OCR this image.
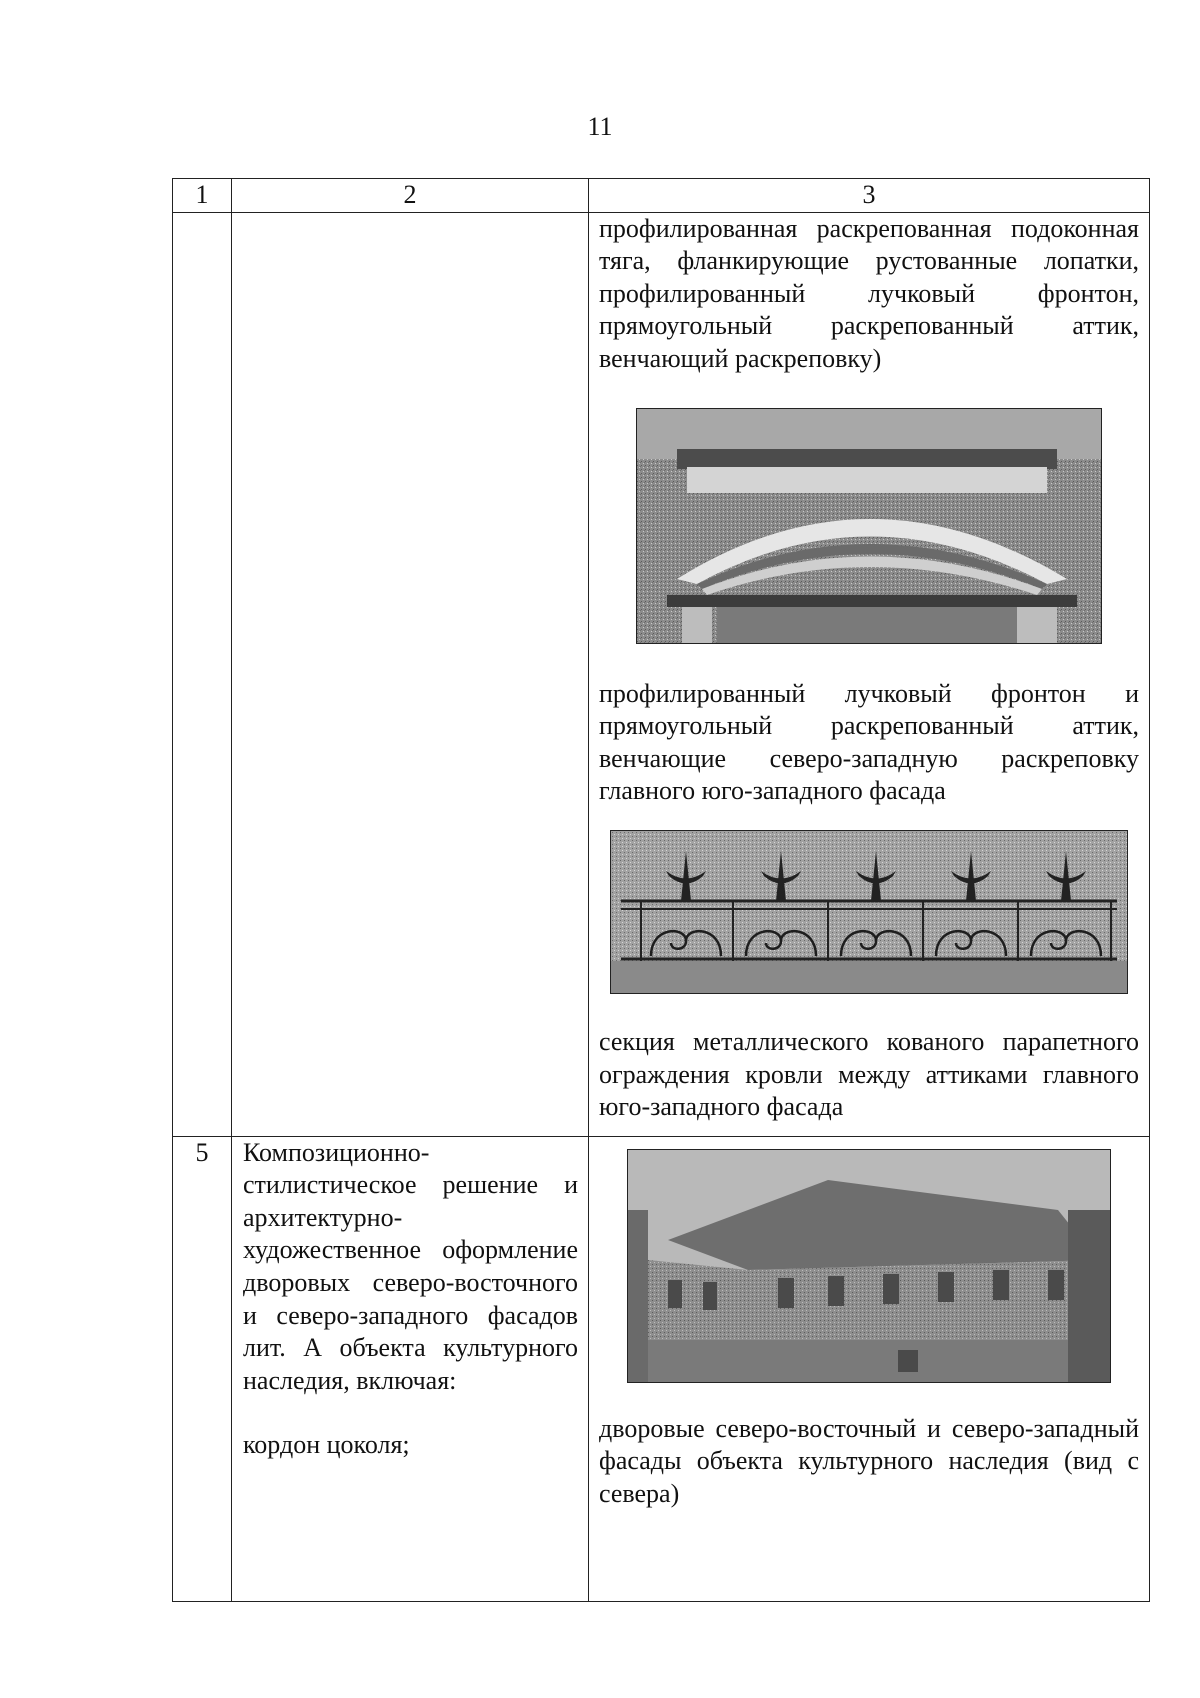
11
1	2	3

		профилированная раскрепованная подоконная тяга, фланкирующие рустованные лопатки, профилированный лучковый фронтон, прямоугольный раскрепованный аттик, венчающий раскреповку)
профилированный лучковый фронтон и прямоугольный раскрепованный аттик, венчающие северо-западную раскреповку главного юго-западного фасада
секция металлического кованого парапетного ограждения кровли между аттиками главного юго-западного фасада

5	Композиционно-стилистическое решение и архитектурно-художественное оформление дворовых северо-восточного и северо-западного фасадов лит. А объекта культурного наследия, включая:
кордон цоколя;	дворовые северо-восточный и северо-западный фасады объекта культурного наследия (вид с севера)
